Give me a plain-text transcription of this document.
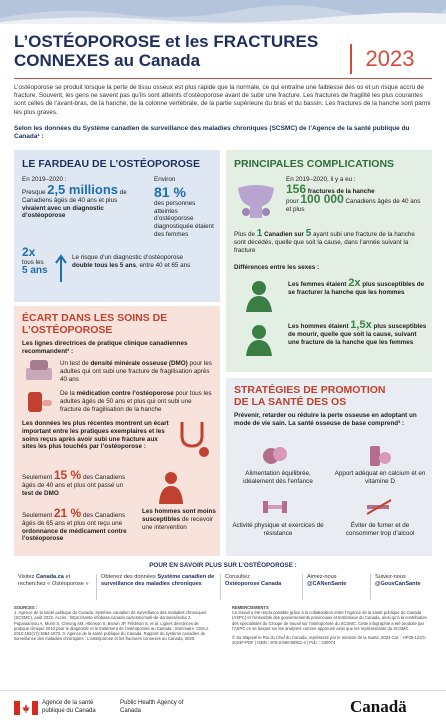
L’OSTÉOPOROSE et les FRACTURES
CONNEXES au Canada	2023

L’ostéoporose se produit lorsque la perte de tissu osseux est plus rapide que la normale, ce qui entraîne une faiblesse des os et un risque accru de fracture. Souvent, les gens ne savent pas qu’ils sont atteints d’ostéoporose avant de subir une fracture. Les fractures de fragilité les plus courantes sont celles de l’avant-bras, de la hanche, de la colonne vertébrale, de la partie supérieure du bras et du bassin. Les fractures de la hanche sont parmi les plus graves.

Selon les données du Système canadien de surveillance des maladies chroniques (SCSMC) de l’Agence de la santé publique du Canada¹ :

LE FARDEAU DE L’OSTÉOPOROSE
En 2019–2020 :
Presque 2,5 millions de Canadiens âgés de 40 ans et plus vivaient avec un diagnostic d’ostéoporose
Environ
81 %
des personnes atteintes d’ostéoporose diagnostiquée étaient des femmes
2x
tous les
5 ans
Le risque d’un diagnostic d’ostéoporose double tous les 5 ans, entre 40 et 65 ans
PRINCIPALES COMPLICATIONS
En 2019–2020, il y a eu :
156 fractures de la hanche
pour 100 000 Canadiens âgés de 40 ans et plus
Plus de 1 Canadien sur 5 ayant subi une fracture de la hanche sont décédés, quelle que soit la cause, dans l’année suivant la fracture
Différences entre les sexes :
Les femmes étaient 2x plus susceptibles de se fracturer la hanche que les hommes
Les hommes étaient 1,5x plus susceptibles de mourir, quelle que soit la cause, suivant une fracture de la hanche que les femmes
ÉCART DANS LES SOINS DE
L’OSTÉOPOROSE
Les lignes directrices de pratique clinique canadiennes recommandent² :
Un test de densité minérale osseuse (DMO) pour les adultes qui ont subi une fracture de fragilisation après 40 ans
De la médication contre l’ostéoporose pour tous les adultes âgés de 50 ans et plus qui ont subi une fracture de fragilisation de la hanche
Les données les plus récentes montrent un écart important entre les pratiques exemplaires et les soins reçus après avoir subi une fracture aux sites les plus touchés par l’ostéoporose :
Seulement 15 % des Canadiens âgés de 40 ans et plus ont passé un test de DMO
Seulement 21 % des Canadiens âgés de 65 ans et plus ont reçu une ordonnance de médicament contre l’ostéoporose
Les hommes sont moins susceptibles de recevoir une intervention
STRATÉGIES DE PROMOTION
DE LA SANTÉ DES OS
Prévenir, retarder ou réduire la perte osseuse en adoptant un mode de vie sain. La santé osseuse de base comprend³ :
Alimentation équilibrée, idéalement dès l’enfance
Apport adéquat en calcium et en vitamine D
Activité physique et exercices de résistance
Éviter de fumer et de consommer trop d’alcool
POUR EN SAVOIR PLUS SUR L’OSTÉOPOROSE :
Visitez Canada.ca et recherchez « Ostéoporose »
Obtenez des données Système canadien de surveillance des maladies chroniques
Consultez
Ostéoporose Canada
Aimez-nous
@CANenSante
Suivez-nous
@GouvCanSante
SOURCES :
1. Agence de la santé publique du Canada. Système canadien de surveillance des maladies chroniques (SCSMC), août 2022. Accès : https://sante-infobase.canada.ca/scsmc/outil-de-donnees/index 2. Papaioannou A, Morin S, Cheung AM, Atkinson S, Brown JP, Feldman S, et al. Lignes directrices de pratique clinique 2010 pour le diagnostic et le traitement de l’ostéoporose au Canada : Sommaire. CMAJ. 2010;182(17):1864-1873. 3. Agence de la santé publique du Canada. Rapport du système canadien de surveillance des maladies chroniques : L’ostéoporose et les fractures connexes au Canada, 2020.
REMERCIEMENTS
Ce travail a été rendu possible grâce à la collaboration entre l’Agence de la santé publique du Canada (ASPC) et l’ensemble des gouvernements provinciaux et territoriaux du Canada, ainsi qu’à la contribution des spécialistes du Groupe de travail sur l’ostéoporose du SCSMC. Cette infographie a été produite par l’ASPC en se basant sur les analyses comme approuvé ainsi que les représentants du SCSMC.
© Sa Majesté le Roi du Chef du Canada, représenté par le ministre de la Santé, 2023 Cat. : HP35-123/1-2023F-PDF | ISBN : 978-0-660-68811-4 | Pub. : 230074
Agence de la santé publique du Canada
Public Health Agency of Canada	Canadä
